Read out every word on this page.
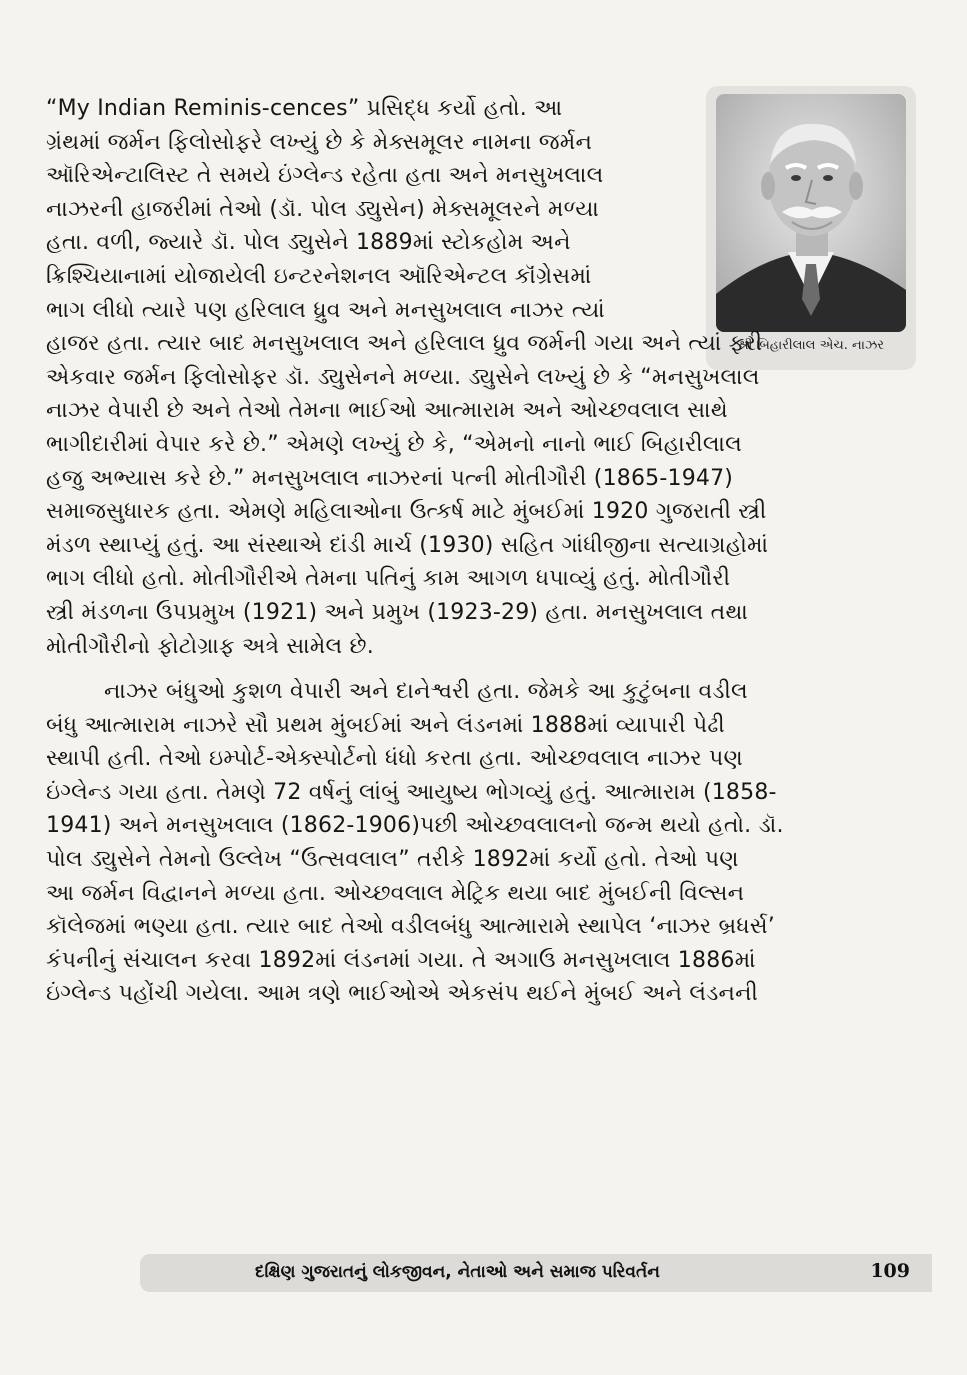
શ્રી બિહારીલાલ એચ. નાઝર
“My Indian Reminis-cences” પ્રસિદ્ધ કર્યો હતો. આ
ગ્રંથમાં જર્મન ફિલોસોફરે લખ્યું છે કે મેક્સમૂલર નામના જર્મન
ઑરિએન્ટાલિસ્ટ તે સમયે ઇંગ્લેન્ડ રહેતા હતા અને મનસુખલાલ
નાઝરની હાજરીમાં તેઓ (ડૉ. પોલ ડ્યુસેન) મેક્સમૂલરને મળ્યા
હતા. વળી, જ્યારે ડૉ. પોલ ડ્યુસેને 1889માં સ્ટોકહોમ અને
ક્રિશ્ચિયાનામાં યોજાયેલી ઇન્ટરનેશનલ ઑરિએન્ટલ કૉંગ્રેસમાં
ભાગ લીધો ત્યારે પણ હરિલાલ ધ્રુવ અને મનસુખલાલ નાઝર ત્યાં
હાજર હતા. ત્યાર બાદ મનસુખલાલ અને હરિલાલ ધ્રુવ જર્મની ગયા અને ત્યાં ફરી
એકવાર જર્મન ફિલોસોફર ડૉ. ડ્યુસેનને મળ્યા. ડ્યુસેને લખ્યું છે કે “મનસુખલાલ
નાઝર વેપારી છે અને તેઓ તેમના ભાઈઓ આત્મારામ અને ઓચ્છવલાલ સાથે
ભાગીદારીમાં વેપાર કરે છે.” એમણે લખ્યું છે કે, “એમનો નાનો ભાઈ બિહારીલાલ
હજુ અભ્યાસ કરે છે.” મનસુખલાલ નાઝરનાં પત્ની મોતીગૌરી (1865-1947)
સમાજસુધારક હતા. એમણે મહિલાઓના ઉત્કર્ષ માટે મુંબઈમાં 1920 ગુજરાતી સ્ત્રી
મંડળ સ્થાપ્યું હતું. આ સંસ્થાએ દાંડી માર્ચ (1930) સહિત ગાંધીજીના સત્યાગ્રહોમાં
ભાગ લીધો હતો. મોતીગૌરીએ તેમના પતિનું કામ આગળ ધપાવ્યું હતું. મોતીગૌરી
સ્ત્રી મંડળના ઉપપ્રમુખ (1921) અને પ્રમુખ (1923-29) હતા. મનસુખલાલ તથા
મોતીગૌરીનો ફોટોગ્રાફ અત્રે સામેલ છે.
નાઝર બંધુઓ કુશળ વેપારી અને દાનેશ્વરી હતા. જેમકે આ કુટુંબના વડીલ
બંધુ આત્મારામ નાઝરે સૌ પ્રથમ મુંબઈમાં અને લંડનમાં 1888માં વ્યાપારી પેઢી
સ્થાપી હતી. તેઓ ઇમ્પોર્ટ-એક્સ્પોર્ટનો ધંધો કરતા હતા. ઓચ્છવલાલ નાઝર પણ
ઇંગ્લેન્ડ ગયા હતા. તેમણે 72 વર્ષનું લાંબું આયુષ્ય ભોગવ્યું હતું. આત્મારામ (1858-
1941) અને મનસુખલાલ (1862-1906)પછી ઓચ્છવલાલનો જન્મ થયો હતો. ડૉ.
પોલ ડ્યુસેને તેમનો ઉલ્લેખ “ઉત્સવલાલ” તરીકે 1892માં કર્યો હતો. તેઓ પણ
આ જર્મન વિદ્વાનને મળ્યા હતા. ઓચ્છવલાલ મેટ્રિક થયા બાદ મુંબઈની વિલ્સન
કૉલેજમાં ભણ્યા હતા. ત્યાર બાદ તેઓ વડીલબંધુ આત્મારામે સ્થાપેલ ‘નાઝર બ્રધર્સ’
કંપનીનું સંચાલન કરવા 1892માં લંડનમાં ગયા. તે અગાઉ મનસુખલાલ 1886માં
ઇંગ્લેન્ડ પહોંચી ગયેલા. આમ ત્રણે ભાઈઓએ એકસંપ થઈને મુંબઈ અને લંડનની
દક્ષિણ ગુજરાતનું લોકજીવન, નેતાઓ અને સમાજ પરિવર્તન	109
